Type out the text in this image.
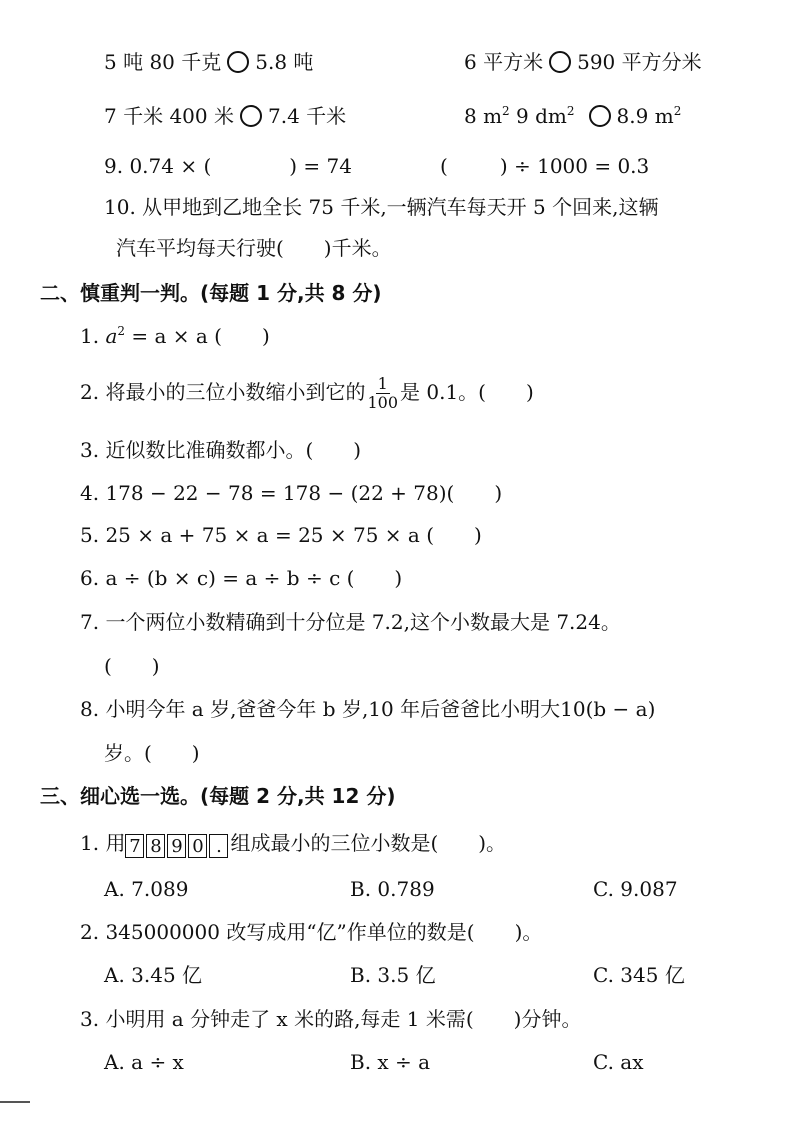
5 吨 80 千克 5.8 吨	6 平方米 590 平方分米
7 千米 400 米 7.4 千米	8 $m^2$ 9 $dm^2$ 8.9 $m^2$
9. 0.74 × (	) = 74	(	) ÷ 1000 = 0.3
10. 从甲地到乙地全长 75 千米,一辆汽车每天开 5 个回来,这辆
汽车平均每天行驶(　　)千米。
二、慎重判一判。(每题 1 分,共 8 分)
1. $a^2 = a \times a$ (　　)
2. 将最小的三位小数缩小到它的 $\frac{1}{100}$ 是 0.1。(　　)
3. 近似数比准确数都小。(　　)
4. 178 − 22 − 78 = 178 − (22 + 78)(　　)
5. 25 × a + 75 × a = 25 × 75 × a (　　)
6. a ÷ (b × c) = a ÷ b ÷ c (　　)
7. 一个两位小数精确到十分位是 7.2,这个小数最大是 7.24。
(　　)
8. 小明今年 a 岁,爸爸今年 b 岁,10 年后爸爸比小明大10(b − a)
岁。(　　)
三、细心选一选。(每题 2 分,共 12 分)
1. 用 7 8 9 0 . 组成最小的三位小数是(　　)。
A. 7.089	B. 0.789	C. 9.087
2. 345000000 改写成用“亿”作单位的数是(　　)。
A. 3.45 亿	B. 3.5 亿	C. 345 亿
3. 小明用 a 分钟走了 x 米的路,每走 1 米需(　　)分钟。
A. a ÷ x	B. x ÷ a	C. ax
